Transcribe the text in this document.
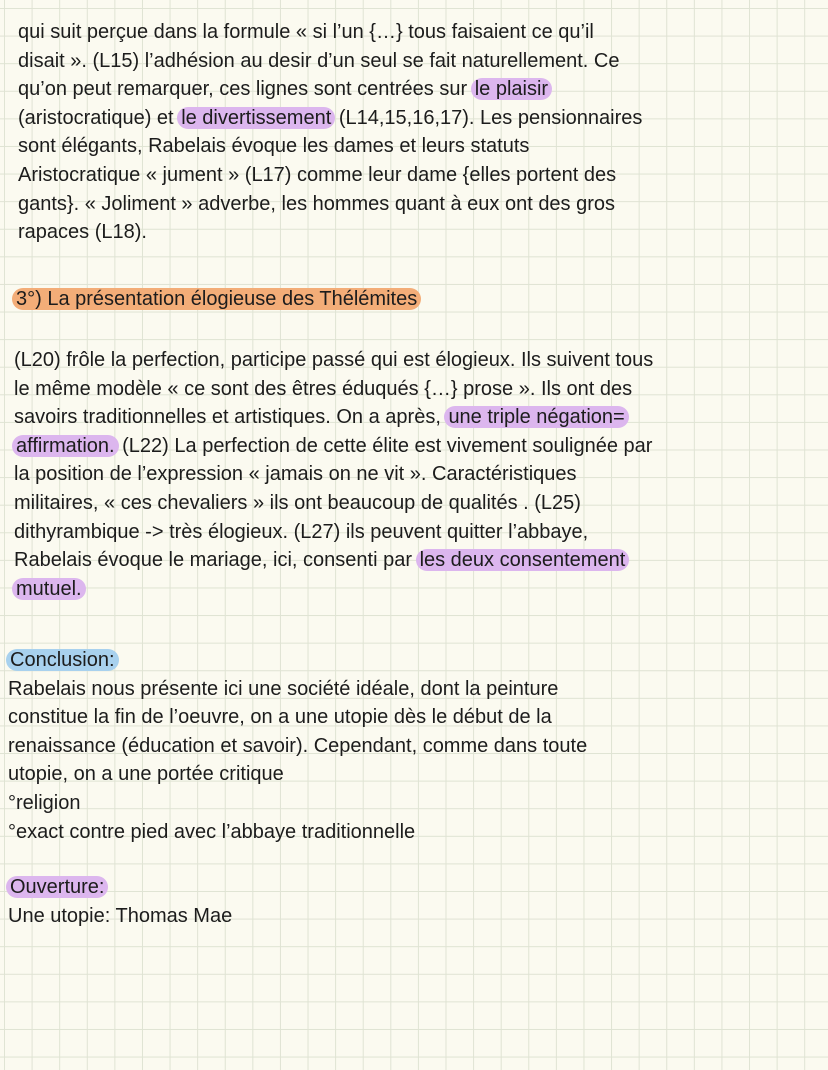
qui suit perçue dans la formule « si l’un {…} tous faisaient ce qu’il
disait ». (L15) l’adhésion au desir d’un seul se fait naturellement. Ce
qu’on peut remarquer, ces lignes sont centrées sur le plaisir
(aristocratique) et le divertissement (L14,15,16,17). Les pensionnaires
sont élégants, Rabelais évoque les dames et leurs statuts
Aristocratique « jument » (L17) comme leur dame {elles portent des
gants}. « Joliment » adverbe, les hommes quant à eux ont des gros
rapaces (L18).
3°) La présentation élogieuse des Thélémites
(L20) frôle la perfection, participe passé qui est élogieux. Ils suivent tous
le même modèle « ce sont des êtres éduqués {…} prose ». Ils ont des
savoirs traditionnelles et artistiques. On a après, une triple négation=
affirmation. (L22) La perfection de cette élite est vivement soulignée par
la position de l’expression « jamais on ne vit ». Caractéristiques
militaires, « ces chevaliers » ils ont beaucoup de qualités . (L25)
dithyrambique -> très élogieux. (L27) ils peuvent quitter l’abbaye,
Rabelais évoque le mariage, ici, consenti par les deux consentement
mutuel.
Conclusion:
Rabelais nous présente ici une société idéale, dont la peinture
constitue la fin de l’oeuvre, on a une utopie dès le début de la
renaissance (éducation et savoir). Cependant, comme dans toute
utopie, on a une portée critique
°religion
°exact contre pied avec l’abbaye traditionnelle
Ouverture:
Une utopie: Thomas Mae
